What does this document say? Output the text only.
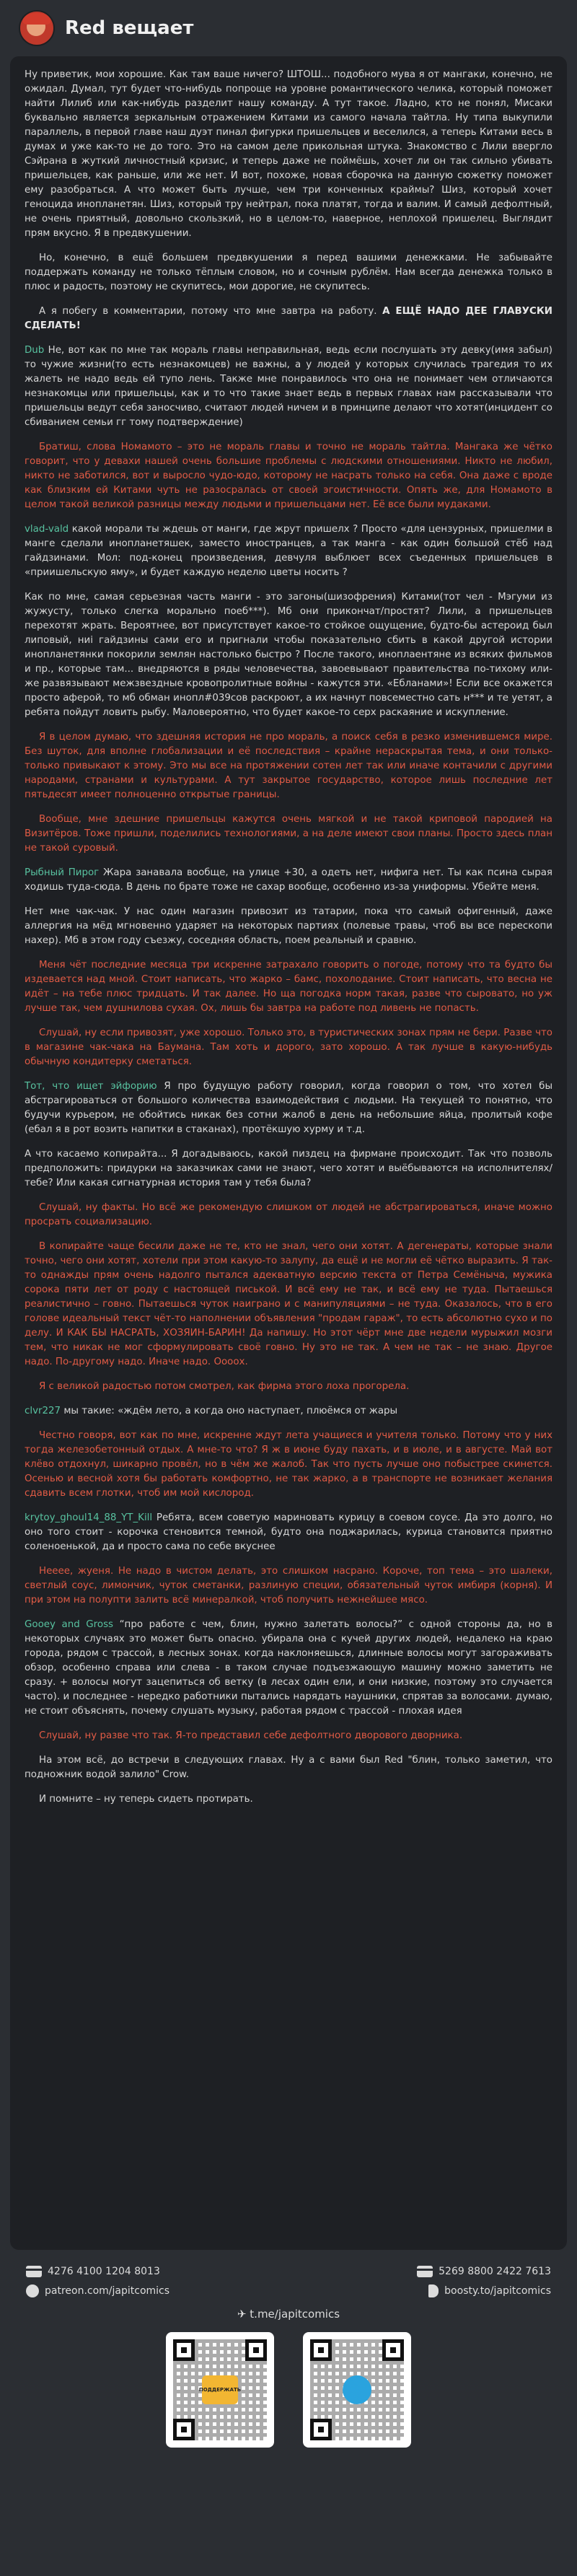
Red вещает

Ну приветик, мои хорошие. Как там ваше ничего? ШТОШ... подобного мува я от мангаки, конечно, не ожидал. Думал, тут будет что-нибудь попроще на уровне романтического челика, который поможет найти Лилиб или как-нибудь разделит нашу команду. А тут такое. Ладно, кто не понял, Мисаки буквально является зеркальным отражением Китами из самого начала тайтла. Ну типа выкупили параллель, в первой главе наш дуэт пинал фигурки пришельцев и веселился, а теперь Китами весь в думах и уже как-то не до того. Это на самом деле прикольная штука. Знакомство с Лили ввергло Сэйрана в жуткий личностный кризис, и теперь даже не поймёшь, хочет ли он так сильно убивать пришельцев, как раньше, или же нет. И вот, похоже, новая сборочка на данную сюжетку поможет ему разобраться. А что может быть лучше, чем три конченных краймы? Шиз, который хочет геноцида инопланетян. Шиз, который тру нейтрал, пока платят, тогда и валим. И самый дефолтный, не очень приятный, довольно скользкий, но в целом-то, наверное, неплохой пришелец. Выглядит прям вкусно. Я в предвкушении.

Но, конечно, в ещё большем предвкушении я перед вашими денежками. Не забывайте поддержать команду не только тёплым словом, но и сочным рублём. Нам всегда денежка только в плюс и радость, поэтому не скупитесь, мои дорогие, не скупитесь.

А я побегу в комментарии, потому что мне завтра на работу. А ЕЩЁ НАДО ДЕЕ ГЛАВУСКИ СДЕЛАТЬ!

Dub Не, вот как по мне так мораль главы неправильная, ведь если послушать эту девку(имя забыл) то чужие жизни(то есть незнакомцев) не важны, а у людей у которых случилась трагедия то их жалеть не надо ведь ей тупо лень. Также мне понравилось что она не понимает чем отличаются незнакомцы или пришельцы, как и то что такие знает ведь в первых главах нам рассказывали что пришельцы ведут себя заносчиво, считают людей ничем и в принципе делают что хотят(инцидент со сбиванием семьи гг тому подтверждение)

Братиш, слова Номамото – это не мораль главы и точно не мораль тайтла. Мангака же чётко говорит, что у девахи нашей очень большие проблемы с людскими отношениями. Никто не любил, никто не заботился, вот и выросло чудо-юдо, которому не насрать только на себя. Она даже с вроде как близким ей Китами чуть не разосралась от своей эгоистичности. Опять же, для Номамото в целом такой великой разницы между людьми и пришельцами нет. Её все были мудаками.

vlad-vald какой морали ты ждешь от манги, где жрут пришелх ? Просто «для цензурных, пришелми в манге сделали инопланетяшек, заместо иностранцев, а так манга - как один большой стёб над гайдзинами. Мол: под-конец произведения, девчуля выблюет всех съеденных пришельцев в «приишельскую яму», и будет каждую неделю цветы носить ?

Как по мне, самая серьезная часть манги - это загоны(шизофрения) Китами(тот чел - Мэгуми из жужусту, только слегка морально поеб***). Мб они прикончат/простят? Лили, а пришельцев перехотят жрать. Вероятнее, вот присутствует какое-то стойкое ощущение, будто-бы астероид был липовый, ниi гайдзины сами его и пригнали чтобы показательно сбить в какой другой истории инопланетянки покорили землян настолько быстро ? После такого, иноплаентяне из всяких фильмов и пр., которые там... внедряются в ряды человечества, завоевывают правительства по-тихому или-же развязывают межзвездные кровопролитные войны - кажутся эти. «Ебланами»! Если все окажется просто аферой, то мб обман инопл#039сов раскроют, а их начнут повсеместно сать н*** и те уетят, а ребята пойдут ловить рыбу. Маловероятно, что будет какое-то серх раскаяние и искупление.

Я в целом думаю, что здешняя история не про мораль, а поиск себя в резко изменившемся мире. Без шуток, для вполне глобализации и её последствия – крайне нераскрытая тема, и они только-только привыкают к этому. Это мы все на протяжении сотен лет так или иначе контачили с другими народами, странами и культурами. А тут закрытое государство, которое лишь последние лет пятьдесят имеет полноценно открытые границы.

Вообще, мне здешние пришельцы кажутся очень мягкой и не такой криповой пародией на Визитёров. Тоже пришли, поделились технологиями, а на деле имеют свои планы. Просто здесь план не такой суровый.

Рыбный Пирог Жара занавала вообще, на улице +30, а одеть нет, нифига нет. Ты как псина сырая ходишь туда-сюда. В день по брате тоже не сахар вообще, особенно из-за униформы. Убейте меня.

Нет мне чак-чак. У нас один магазин привозит из татарии, пока что самый офигенный, даже аллергия на мёд мгновенно ударяет на некоторых партиях (полевые травы, чтоб вы все перескопи нахер). Мб в этом году съезжу, соседняя область, поем реальный и сравню.

Меня чёт последние месяца три искренне затрахало говорить о погоде, потому что та будто бы издевается над мной. Стоит написать, что жарко – бамс, похолодание. Стоит написать, что весна не идёт – на тебе плюс тридцать. И так далее. Но ща погодка норм такая, разве что сыровато, но уж лучше так, чем душнилова сухая. Ох, лишь бы завтра на работе под ливень не попасть.

Слушай, ну если привозят, уже хорошо. Только это, в туристических зонах прям не бери. Разве что в магазине чак-чака на Баумана. Там хоть и дорого, зато хорошо. А так лучше в какую-нибудь обычную кондитерку сметаться.

Тот, что ищет эйфорию Я про будущую работу говорил, когда говорил о том, что хотел бы абстрагироваться от большого количества взаимодействия с людьми. На текущей то понятно, что будучи курьером, не обойтись никак без сотни жалоб в день на небольшие яйца, пролитый кофе (ебал я в рот возить напитки в стаканах), протёкшую хурму и т.д.

А что касаемо копирайта... Я догадываюсь, какой пиздец на фирмане происходит. Так что позволь предположить: придурки на заказчиках сами не знают, чего хотят и выёбываются на исполнителях/тебе? Или какая сигнатурная история там у тебя была?

Слушай, ну факты. Но всё же рекомендую слишком от людей не абстрагироваться, иначе можно просрать социализацию.

В копирайте чаще бесили даже не те, кто не знал, чего они хотят. А дегенераты, которые знали точно, чего они хотят, хотели при этом какую-то залупу, да ещё и не могли её чётко выразить. Я так-то однажды прям очень надолго пытался адекватную версию текста от Петра Семёныча, мужика сорока пяти лет от роду с настоящей писькой. И всё ему не так, и всё ему не туда. Пытаешься реалистично – говно. Пытаешься чуток наиграно и с манипуляциями – не туда. Оказалось, что в его голове идеальный текст чёт-то наполнении объявления "продам гараж", то есть абсолютно сухо и по делу. И КАК БЫ НАСРАТЬ, ХОЗЯИН-БАРИН! Да напишу. Но этот чёрт мне две недели мурыжил мозги тем, что никак не мог сформулировать своё говно. Ну это не так. А чем не так – не знаю. Другое надо. По-другому надо. Иначе надо. Оооох.

Я с великой радостью потом смотрел, как фирма этого лоха прогорела.

clvr227 мы такие: «ждём лето, а когда оно наступает, плюёмся от жары

Честно говоря, вот как по мне, искренне ждут лета учащиеся и учителя только. Потому что у них тогда железобетонный отдых. А мне-то что? Я ж в июне буду пахать, и в июле, и в августе. Май вот клёво отдохнул, шикарно провёл, но в чём же жалоб. Так что пусть лучше оно побыстрее скинется. Осенью и весной хотя бы работать комфортно, не так жарко, а в транспорте не возникает желания сдавить всем глотки, чтоб им мой кислород.

krytoy_ghoul14_88_YT_Kill Ребята, всем советую мариновать курицу в соевом соусе. Да это долго, но оно того стоит - корочка стеновится темной, будто она поджарилась, курица становится приятно соленоенькой, да и просто сама по себе вкуснее

Нееее, жуеня. Не надо в чистом делать, это слишком насрано. Короче, топ тема – это шалеки, светлый соус, лимончик, чуток сметанки, разлиную специи, обязательный чуток имбиря (корня). И при этом на полупти залить всё минералкой, чтоб получить нежнейшее мясо.

Gooey and Gross “про работе с чем, блин, нужно залетать волосы?” с одной стороны да, но в некоторых случаях это может быть опасно. убирала она с кучей других людей, недалеко на краю города, рядом с трассой, в лесных зонах. когда наклоняешься, длинные волосы могут загораживать обзор, особенно справа или слева - в таком случае подъезжающую машину можно заметить не сразу. + волосы могут зацепиться об ветку (в лесах один ели, и они низкие, поэтому это случается часто). и последнее - нередко работники пытались нарядать наушники, спрятав за волосами. думаю, не стоит объяснять, почему слушать музыку, работая рядом с трассой - плохая идея

Слушай, ну разве что так. Я-то представил себе дефолтного дворового дворника.

На этом всё, до встречи в следующих главах. Ну а с вами был Red "блин, только заметил, что подножник водой залило" Crow.

И помните – ну теперь сидеть протирать.

4276 4100 1204 8013	5269 8800 2422 7613
patreon.com/japitcomics	boosty.to/japitcomics
✈ t.me/japitcomics
ПОДДЕРЖАТЬ
